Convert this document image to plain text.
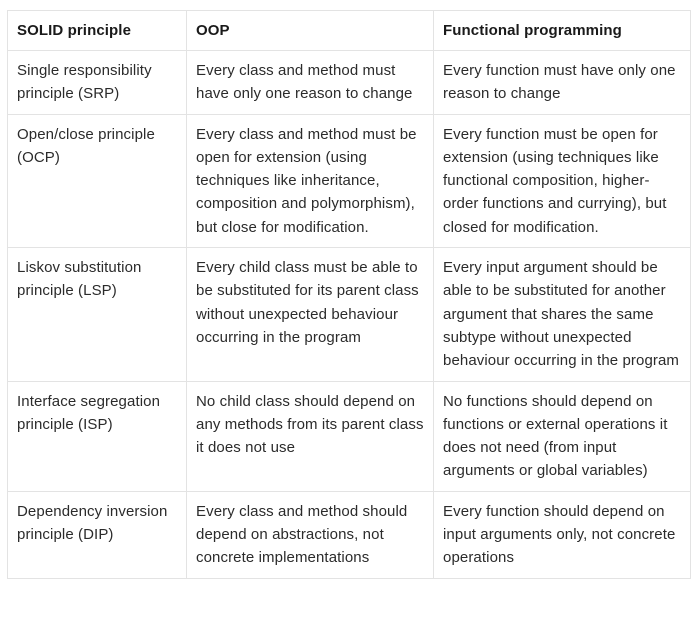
SOLID principle	OOP	Functional programming
Single responsibility principle (SRP)	Every class and method must have only one reason to change	Every function must have only one reason to change
Open/close principle (OCP)	Every class and method must be open for extension (using techniques like inheritance, composition and polymorphism), but close for modification.	Every function must be open for extension (using techniques like functional composition, higher-order functions and currying), but closed for modification.
Liskov substitution principle (LSP)	Every child class must be able to be substituted for its parent class without unexpected behaviour occurring in the program	Every input argument should be able to be substituted for another argument that shares the same subtype without unexpected behaviour occurring in the program
Interface segregation principle (ISP)	No child class should depend on any methods from its parent class it does not use	No functions should depend on functions or external operations it does not need (from input arguments or global variables)
Dependency inversion principle (DIP)	Every class and method should depend on abstractions, not concrete implementations	Every function should depend on input arguments only, not concrete operations
